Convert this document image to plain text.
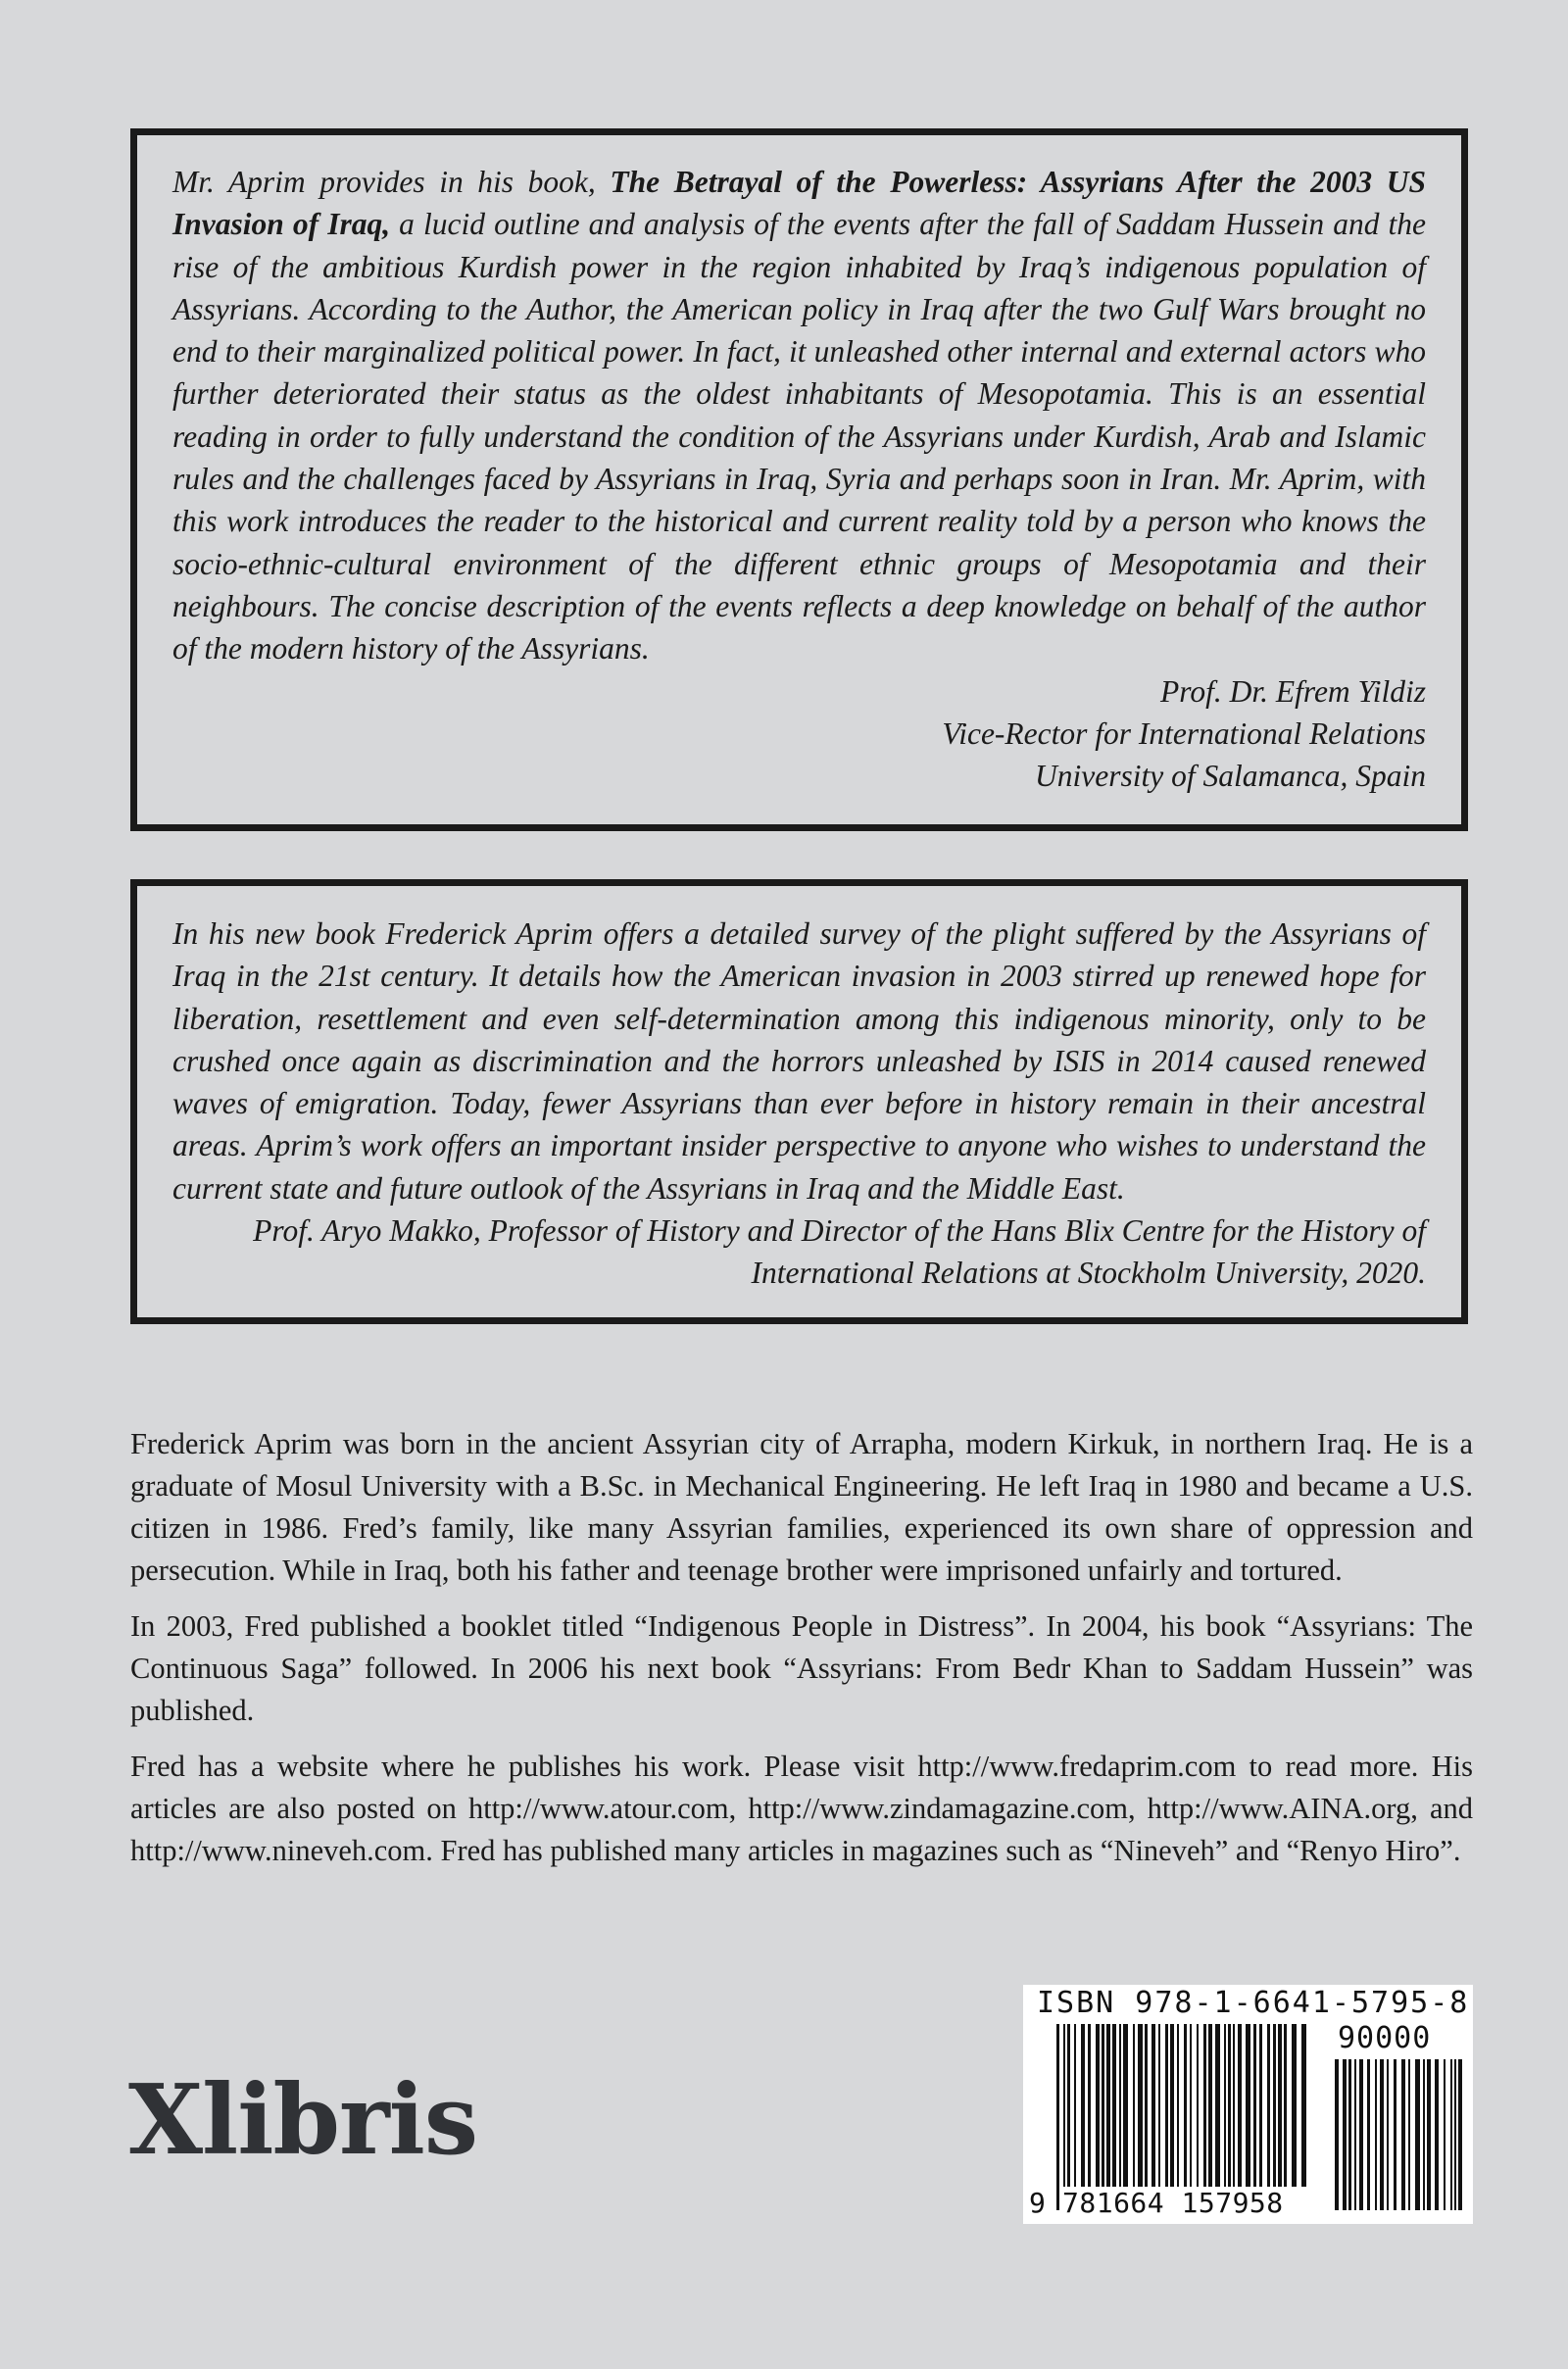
Mr. Aprim provides in his book, The Betrayal of the Powerless: Assyrians After the 2003 US Invasion of Iraq, a lucid outline and analysis of the events after the fall of Saddam Hussein and the rise of the ambitious Kurdish power in the region inhabited by Iraq’s indigenous population of Assyrians. According to the Author, the American policy in Iraq after the two Gulf Wars brought no end to their marginalized political power. In fact, it unleashed other internal and external actors who further deteriorated their status as the oldest inhabitants of Mesopotamia. This is an essential reading in order to fully understand the condition of the Assyrians under Kurdish, Arab and Islamic rules and the challenges faced by Assyrians in Iraq, Syria and perhaps soon in Iran. Mr. Aprim, with this work introduces the reader to the historical and current reality told by a person who knows the socio-ethnic-cultural environment of the different ethnic groups of Mesopotamia and their neighbours. The concise description of the events reflects a deep knowledge on behalf of the author of the modern history of the Assyrians.

Prof. Dr. Efrem Yildiz
Vice-Rector for International Relations
University of Salamanca, Spain

In his new book Frederick Aprim offers a detailed survey of the plight suffered by the Assyrians of Iraq in the 21st century. It details how the American invasion in 2003 stirred up renewed hope for liberation, resettlement and even self-determination among this indigenous minority, only to be crushed once again as discrimination and the horrors unleashed by ISIS in 2014 caused renewed waves of emigration. Today, fewer Assyrians than ever before in history remain in their ancestral areas. Aprim’s work offers an important insider perspective to anyone who wishes to understand the current state and future outlook of the Assyrians in Iraq and the Middle East.

Prof. Aryo Makko, Professor of History and Director of the Hans Blix Centre for the History of
International Relations at Stockholm University, 2020.

Frederick Aprim was born in the ancient Assyrian city of Arrapha, modern Kirkuk, in northern Iraq. He is a graduate of Mosul University with a B.Sc. in Mechanical Engineering. He left Iraq in 1980 and became a U.S. citizen in 1986. Fred’s family, like many Assyrian families, experienced its own share of oppression and persecution. While in Iraq, both his father and teenage brother were imprisoned unfairly and tortured.

In 2003, Fred published a booklet titled “Indigenous People in Distress”. In 2004, his book “Assyrians: The Continuous Saga” followed. In 2006 his next book “Assyrians: From Bedr Khan to Saddam Hussein” was published.

Fred has a website where he publishes his work. Please visit http://www.fredaprim.com to read more. His articles are also posted on http://www.atour.com, http://www.zindamagazine.com, http://www.AINA.org, and http://www.nineveh.com. Fred has published many articles in magazines such as “Nineveh” and “Renyo Hiro”.

Xlibris
ISBN 978-1-6641-5795-8
90000
9 781664 157958
